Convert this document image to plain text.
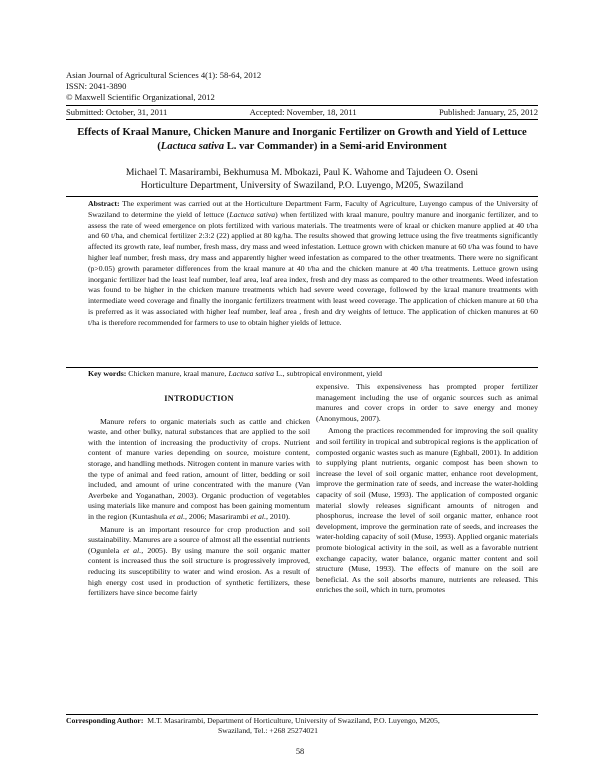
Asian Journal of Agricultural Sciences 4(1): 58-64, 2012
ISSN: 2041-3890
© Maxwell Scientific Organizational, 2012
Submitted: October, 31, 2011	Accepted: November, 18, 2011	Published: January, 25, 2012
Effects of Kraal Manure, Chicken Manure and Inorganic Fertilizer on Growth and Yield of Lettuce (Lactuca sativa L. var Commander) in a Semi-arid Environment
Michael T. Masarirambi, Bekhumusa M. Mbokazi, Paul K. Wahome and Tajudeen O. Oseni
Horticulture Department, University of Swaziland, P.O. Luyengo, M205, Swaziland

Abstract: The experiment was carried out at the Horticulture Department Farm, Faculty of Agriculture, Luyengo campus of the University of Swaziland to determine the yield of lettuce (Lactuca sativa) when fertilized with kraal manure, poultry manure and inorganic fertilizer, and to assess the rate of weed emergence on plots fertilized with various materials. The treatments were of kraal or chicken manure applied at 40 t/ha and 60 t/ha, and chemical fertilizer 2:3:2 (22) applied at 80 kg/ha. The results showed that growing lettuce using the five treatments significantly affected its growth rate, leaf number, fresh mass, dry mass and weed infestation. Lettuce grown with chicken manure at 60 t/ha was found to have higher leaf number, fresh mass, dry mass and apparently higher weed infestation as compared to the other treatments. There were no significant (p>0.05) growth parameter differences from the kraal manure at 40 t/ha and the chicken manure at 40 t/ha treatments. Lettuce grown using inorganic fertilizer had the least leaf number, leaf area, leaf area index, fresh and dry mass as compared to the other treatments. Weed infestation was found to be higher in the chicken manure treatments which had severe weed coverage, followed by the kraal manure treatments with intermediate weed coverage and finally the inorganic fertilizers treatment with least weed coverage. The application of chicken manure at 60 t/ha is preferred as it was associated with higher leaf number, leaf area , fresh and dry weights of lettuce. The application of chicken manures at 60 t/ha is therefore recommended for farmers to use to obtain higher yields of lettuce.

Key words: Chicken manure, kraal manure, Lactuca sativa L., subtropical environment, yield
INTRODUCTION

Manure refers to organic materials such as cattle and chicken waste, and other bulky, natural substances that are applied to the soil with the intention of increasing the productivity of crops. Nutrient content of manure varies depending on source, moisture content, storage, and handling methods. Nitrogen content in manure varies with the type of animal and feed ration, amount of litter, bedding or soil included, and amount of urine concentrated with the manure (Van Averbeke and Yoganathan, 2003). Organic production of vegetables using materials like manure and compost has been gaining momentum in the region (Kuntashula et al., 2006; Masarirambi et al., 2010).

Manure is an important resource for crop production and soil sustainability. Manures are a source of almost all the essential nutrients (Ogunlela et al., 2005). By using manure the soil organic matter content is increased thus the soil structure is progressively improved, reducing its susceptibility to water and wind erosion. As a result of high energy cost used in production of synthetic fertilizers, these fertilizers have since become fairly

expensive. This expensiveness has prompted proper fertilizer management including the use of organic sources such as animal manures and cover crops in order to save energy and money (Anonymous, 2007).

Among the practices recommended for improving the soil quality and soil fertility in tropical and subtropical regions is the application of composted organic wastes such as manure (Eghball, 2001). In addition to supplying plant nutrients, organic compost has been shown to increase the level of soil organic matter, enhance root development, improve the germination rate of seeds, and increase the water-holding capacity of soil (Muse, 1993). The application of composted organic material slowly releases significant amounts of nitrogen and phosphorus, increase the level of soil organic matter, enhance root development, improve the germination rate of seeds, and increases the water-holding capacity of soil (Muse, 1993). Applied organic materials promote biological activity in the soil, as well as a favorable nutrient exchange capacity, water balance, organic matter content and soil structure (Muse, 1993). The effects of manure on the soil are beneficial. As the soil absorbs manure, nutrients are released. This enriches the soil, which in turn, promotes

Corresponding Author: M.T. Masarirambi, Department of Horticulture, University of Swaziland, P.O. Luyengo, M205,
Swaziland, Tel.: +268 25274021
58
